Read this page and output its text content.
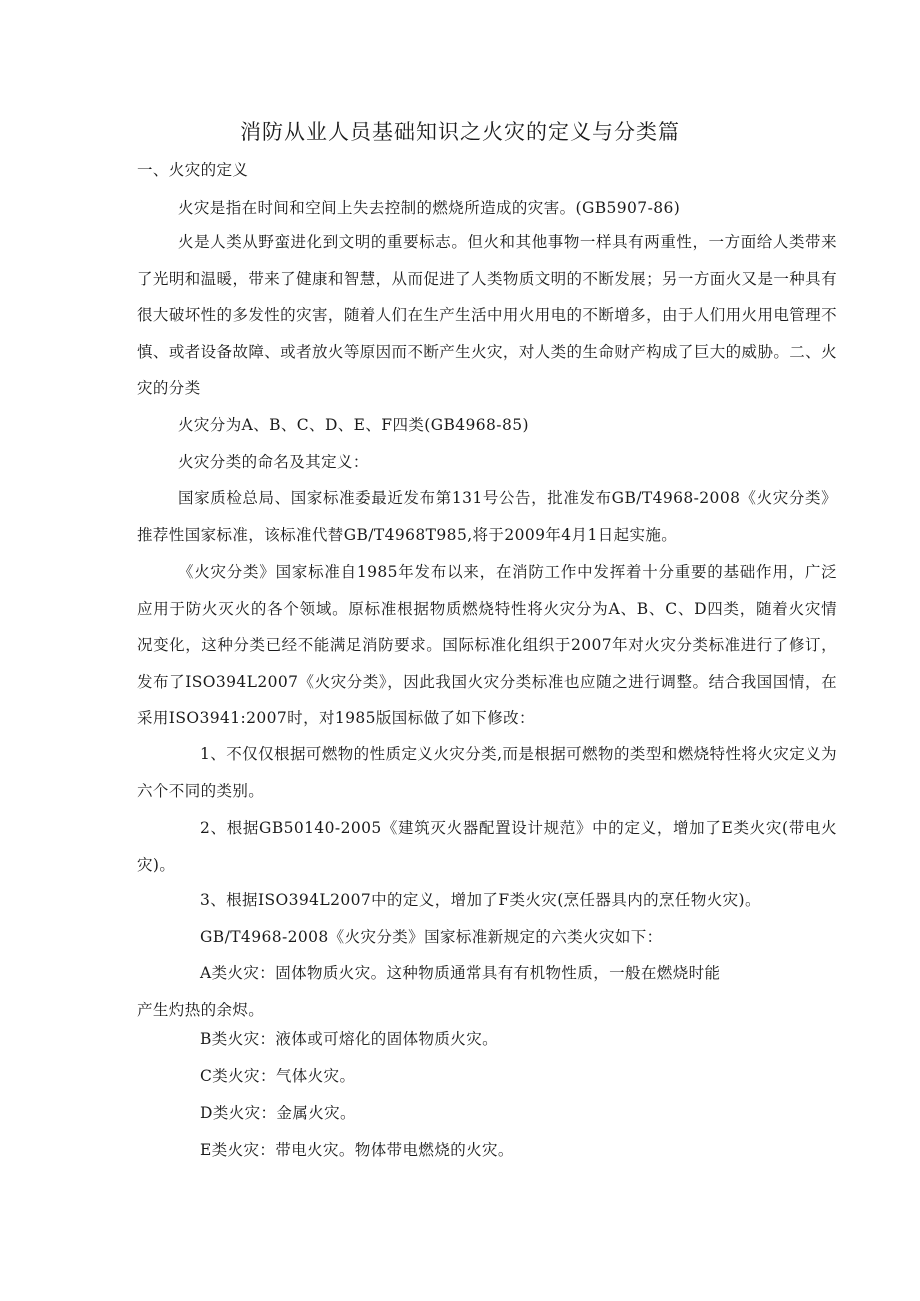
消防从业人员基础知识之火灾的定义与分类篇
一、火灾的定义
火灾是指在时间和空间上失去控制的燃烧所造成的灾害。(GB5907-86)
火是人类从野蛮进化到文明的重要标志。但火和其他事物一样具有两重性，一方面给人类带来了光明和温暖，带来了健康和智慧，从而促进了人类物质文明的不断发展；另一方面火又是一种具有很大破坏性的多发性的灾害，随着人们在生产生活中用火用电的不断增多，由于人们用火用电管理不慎、或者设备故障、或者放火等原因而不断产生火灾，对人类的生命财产构成了巨大的威胁。二、火灾的分类
火灾分为A、B、C、D、E、F四类(GB4968-85)
火灾分类的命名及其定义：
国家质检总局、国家标准委最近发布第131号公告，批准发布GB/T4968-2008《火灾分类》推荐性国家标准，该标准代替GB/T4968T985,将于2009年4月1日起实施。
《火灾分类》国家标准自1985年发布以来，在消防工作中发挥着十分重要的基础作用，广泛应用于防火灭火的各个领域。原标准根据物质燃烧特性将火灾分为A、B、C、D四类，随着火灾情况变化，这种分类已经不能满足消防要求。国际标准化组织于2007年对火灾分类标准进行了修订，发布了ISO394L2007《火灾分类》，因此我国火灾分类标准也应随之进行调整。结合我国国情，在采用ISO3941:2007时，对1985版国标做了如下修改：
1、不仅仅根据可燃物的性质定义火灾分类,而是根据可燃物的类型和燃烧特性将火灾定义为六个不同的类别。
2、根据GB50140-2005《建筑灭火器配置设计规范》中的定义，增加了E类火灾(带电火灾)。
3、根据ISO394L2007中的定义，增加了F类火灾(烹任器具内的烹任物火灾)。
GB/T4968-2008《火灾分类》国家标准新规定的六类火灾如下：
A类火灾：固体物质火灾。这种物质通常具有有机物性质，一般在燃烧时能
产生灼热的余烬。
B类火灾：液体或可熔化的固体物质火灾。
C类火灾：气体火灾。
D类火灾：金属火灾。
E类火灾：带电火灾。物体带电燃烧的火灾。
